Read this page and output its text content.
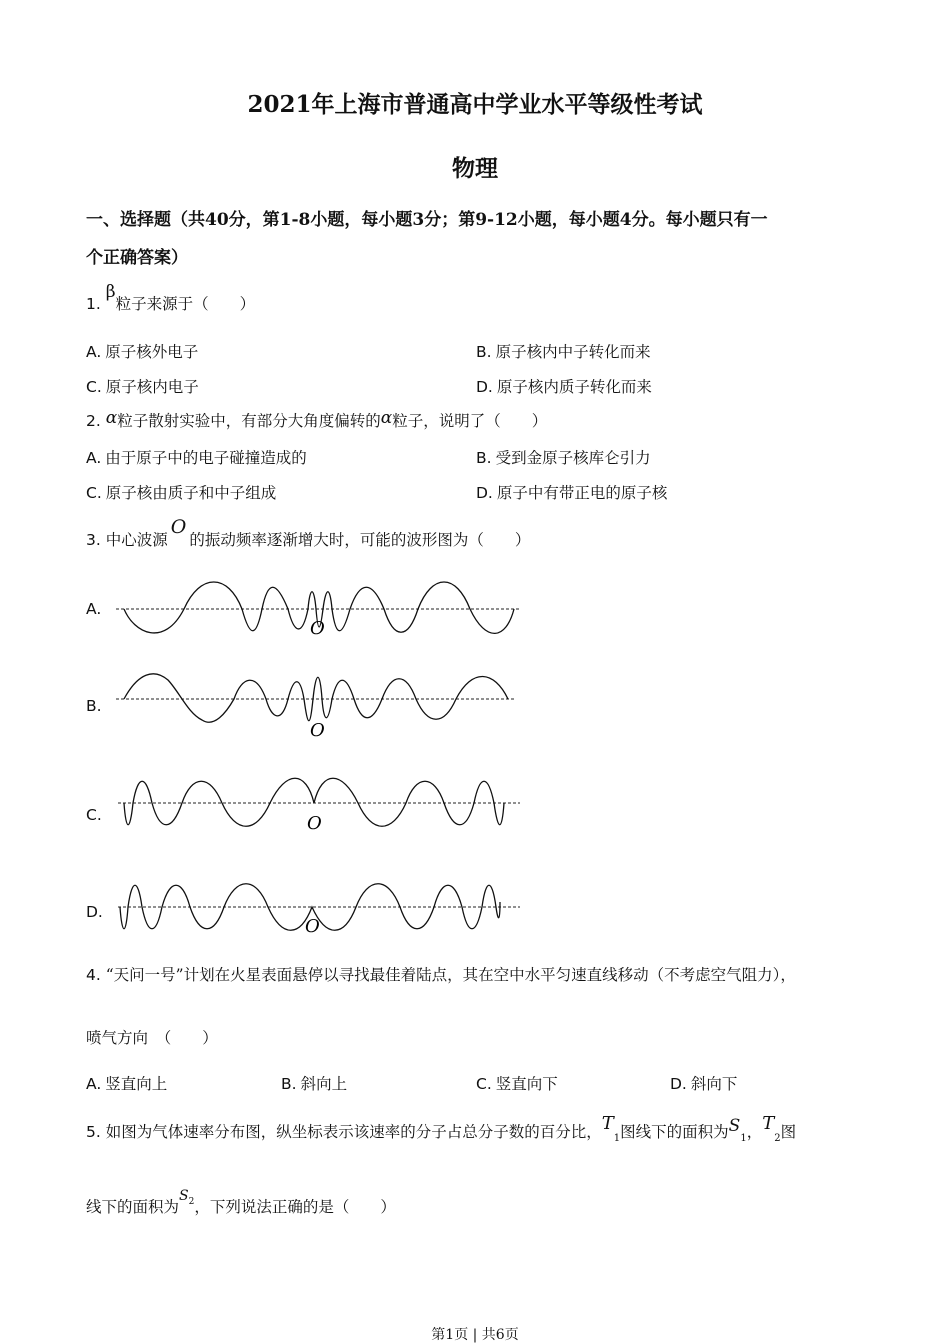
2021年上海市普通高中学业水平等级性考试
物理
一、选择题（共40分，第1-8小题，每小题3分；第9-12小题，每小题4分。每小题只有一
个正确答案）
1. β粒子来源于（　　）
A. 原子核外电子	B. 原子核内中子转化而来
C. 原子核内电子	D. 原子核内质子转化而来
2. α粒子散射实验中，有部分大角度偏转的α粒子，说明了（　　）
A. 由于原子中的电子碰撞造成的	B. 受到金原子核库仑引力
C. 原子核由质子和中子组成	D. 原子中有带正电的原子核
3. 中心波源O的振动频率逐渐增大时，可能的波形图为（　　）
A.
O
B.
O
C.	O
D.
O
4. “天问一号”计划在火星表面悬停以寻找最佳着陆点，其在空中水平匀速直线移动（不考虑空气阻力），
喷气方向　（　　）
A. 竖直向上	B. 斜向上	C. 竖直向下	D. 斜向下
5. 如图为气体速率分布图，纵坐标表示该速率的分子占总分子数的百分比，$T_1$图线下的面积为$S_1$，$T_2$图
线下的面积为$S_2$，下列说法正确的是（　　）
第1页 | 共6页
